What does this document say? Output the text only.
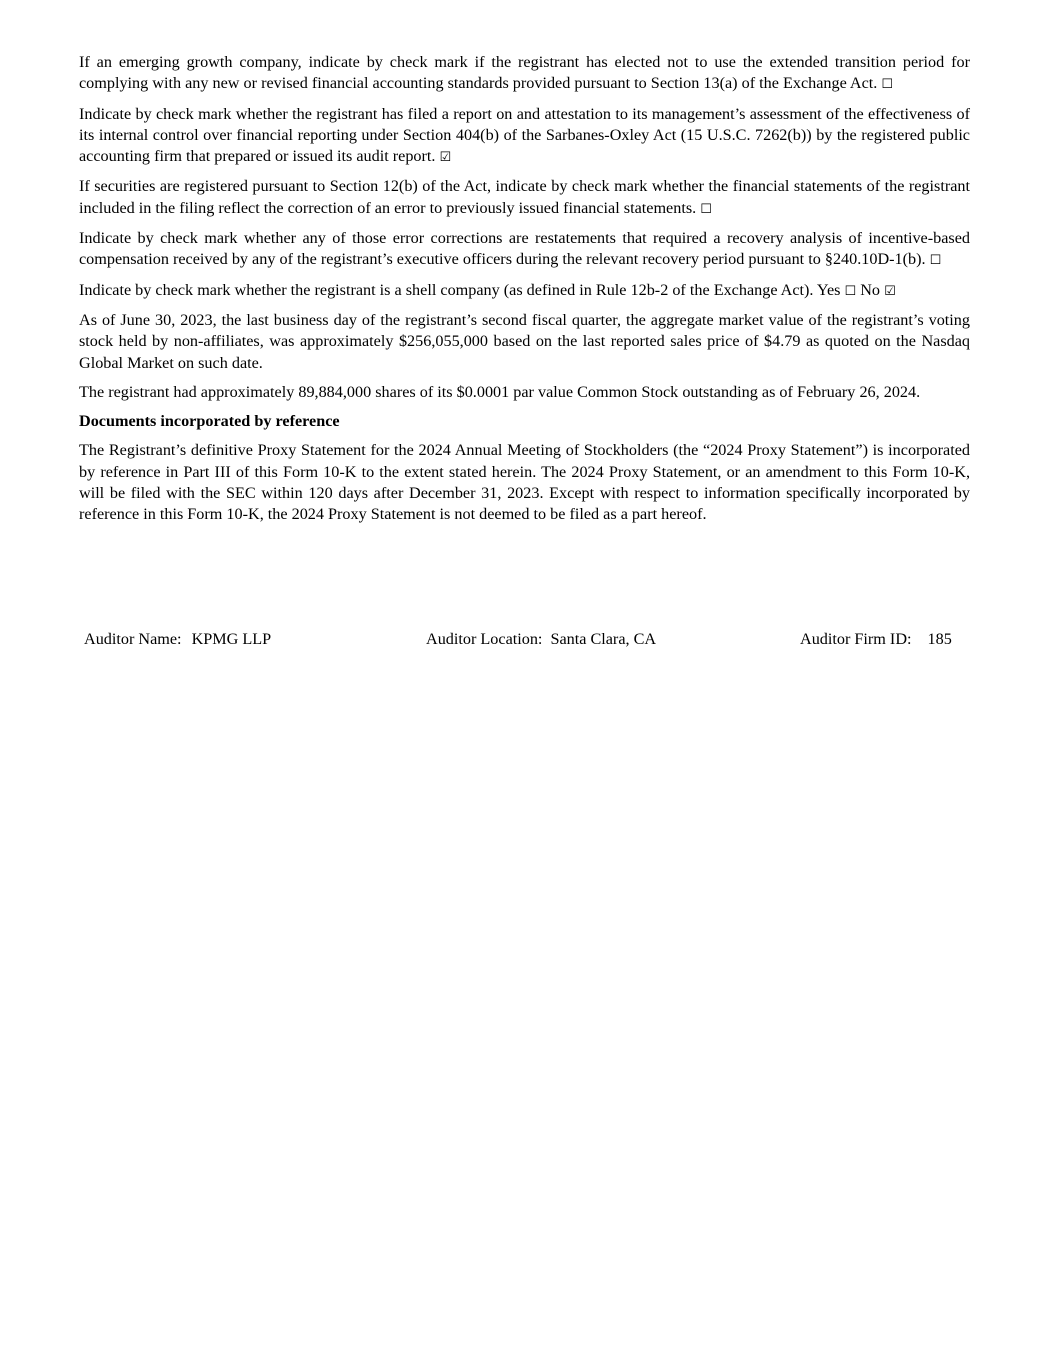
If an emerging growth company, indicate by check mark if the registrant has elected not to use the extended transition period for complying with any new or revised financial accounting standards provided pursuant to Section 13(a) of the Exchange Act. ☐

Indicate by check mark whether the registrant has filed a report on and attestation to its management’s assessment of the effectiveness of its internal control over financial reporting under Section 404(b) of the Sarbanes-Oxley Act (15 U.S.C. 7262(b)) by the registered public accounting firm that prepared or issued its audit report. ☑

If securities are registered pursuant to Section 12(b) of the Act, indicate by check mark whether the financial statements of the registrant included in the filing reflect the correction of an error to previously issued financial statements. ☐

Indicate by check mark whether any of those error corrections are restatements that required a recovery analysis of incentive-based compensation received by any of the registrant’s executive officers during the relevant recovery period pursuant to §240.10D-1(b). ☐

Indicate by check mark whether the registrant is a shell company (as defined in Rule 12b-2 of the Exchange Act). Yes ☐ No ☑

As of June 30, 2023, the last business day of the registrant’s second fiscal quarter, the aggregate market value of the registrant’s voting stock held by non-affiliates, was approximately $256,055,000 based on the last reported sales price of $4.79 as quoted on the Nasdaq Global Market on such date.

The registrant had approximately 89,884,000 shares of its $0.0001 par value Common Stock outstanding as of February 26, 2024.

Documents incorporated by reference

The Registrant’s definitive Proxy Statement for the 2024 Annual Meeting of Stockholders (the “2024 Proxy Statement”) is incorporated by reference in Part III of this Form 10-K to the extent stated herein. The 2024 Proxy Statement, or an amendment to this Form 10-K, will be filed with the SEC within 120 days after December 31, 2023. Except with respect to information specifically incorporated by reference in this Form 10-K, the 2024 Proxy Statement is not deemed to be filed as a part hereof.

Auditor Name: KPMG LLP	Auditor Location: Santa Clara, CA	Auditor Firm ID: 185
